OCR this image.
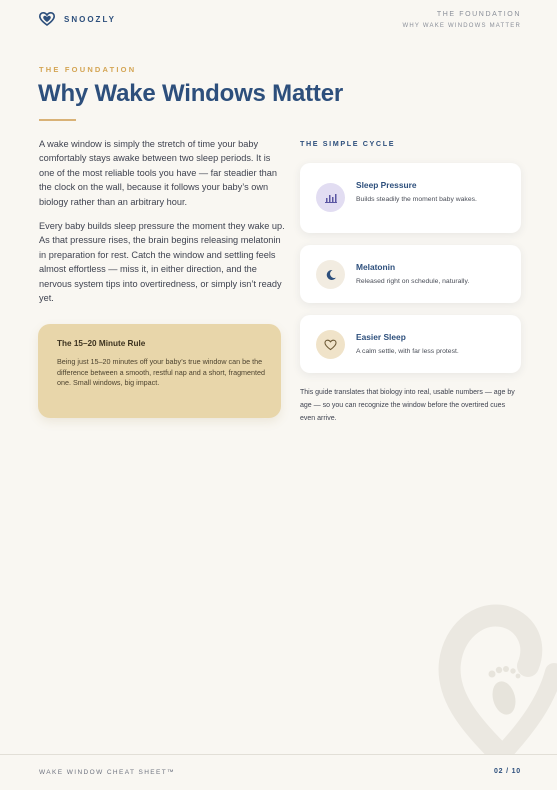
SNOOZLY	THE FOUNDATION
WHY WAKE WINDOWS MATTER
THE FOUNDATION
Why Wake Windows Matter

A wake window is simply the stretch of time your baby comfortably stays awake between two sleep periods. It is one of the most reliable tools you have — far steadier than the clock on the wall, because it follows your baby’s own biology rather than an arbitrary hour.

Every baby builds sleep pressure the moment they wake up. As that pressure rises, the brain begins releasing melatonin in preparation for rest. Catch the window and settling feels almost effortless — miss it, in either direction, and the nervous system tips into overtiredness, or simply isn’t ready yet.

The 15–20 Minute Rule
Being just 15–20 minutes off your baby’s true window can be the difference between a smooth, restful nap and a short, fragmented one. Small windows, big impact.
THE SIMPLE CYCLE
Sleep Pressure
Builds steadily the moment baby wakes.
Melatonin
Released right on schedule, naturally.
Easier Sleep
A calm settle, with far less protest.

This guide translates that biology into real, usable numbers — age by age — so you can recognize the window before the overtired cues even arrive.

WAKE WINDOW CHEAT SHEET™	02 / 10
